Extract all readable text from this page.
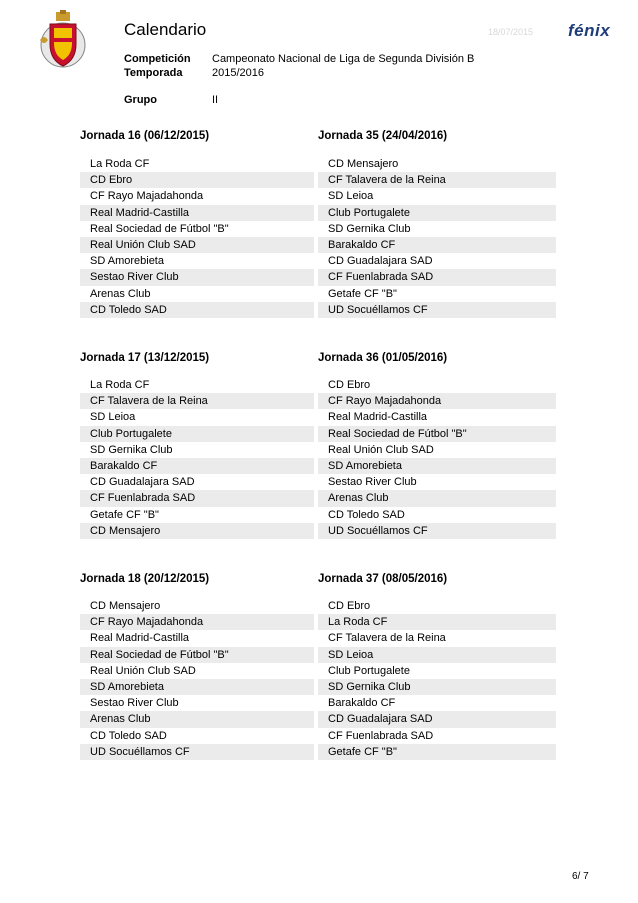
Calendario	18/07/2015 fénix
Competición Campeonato Nacional de Liga de Segunda División B
Temporada	2015/2016
Grupo	II
Jornada 16 (06/12/2015)	Jornada 35 (24/04/2016)
La Roda CF
CD Ebro
CF Rayo Majadahonda
Real Madrid-Castilla
Real Sociedad de Fútbol "B"
Real Unión Club SAD
SD Amorebieta
Sestao River Club
Arenas Club
CD Toledo SAD
CD Mensajero
CF Talavera de la Reina
SD Leioa
Club Portugalete
SD Gernika Club
Barakaldo CF
CD Guadalajara SAD
CF Fuenlabrada SAD
Getafe CF "B"
UD Socuéllamos CF
Jornada 17 (13/12/2015)	Jornada 36 (01/05/2016)
La Roda CF
CF Talavera de la Reina
SD Leioa
Club Portugalete
SD Gernika Club
Barakaldo CF
CD Guadalajara SAD
CF Fuenlabrada SAD
Getafe CF "B"
CD Mensajero
CD Ebro
CF Rayo Majadahonda
Real Madrid-Castilla
Real Sociedad de Fútbol "B"
Real Unión Club SAD
SD Amorebieta
Sestao River Club
Arenas Club
CD Toledo SAD
UD Socuéllamos CF
Jornada 18 (20/12/2015)	Jornada 37 (08/05/2016)
CD Mensajero
CF Rayo Majadahonda
Real Madrid-Castilla
Real Sociedad de Fútbol "B"
Real Unión Club SAD
SD Amorebieta
Sestao River Club
Arenas Club
CD Toledo SAD
UD Socuéllamos CF
CD Ebro
La Roda CF
CF Talavera de la Reina
SD Leioa
Club Portugalete
SD Gernika Club
Barakaldo CF
CD Guadalajara SAD
CF Fuenlabrada SAD
Getafe CF "B"
6/ 7
